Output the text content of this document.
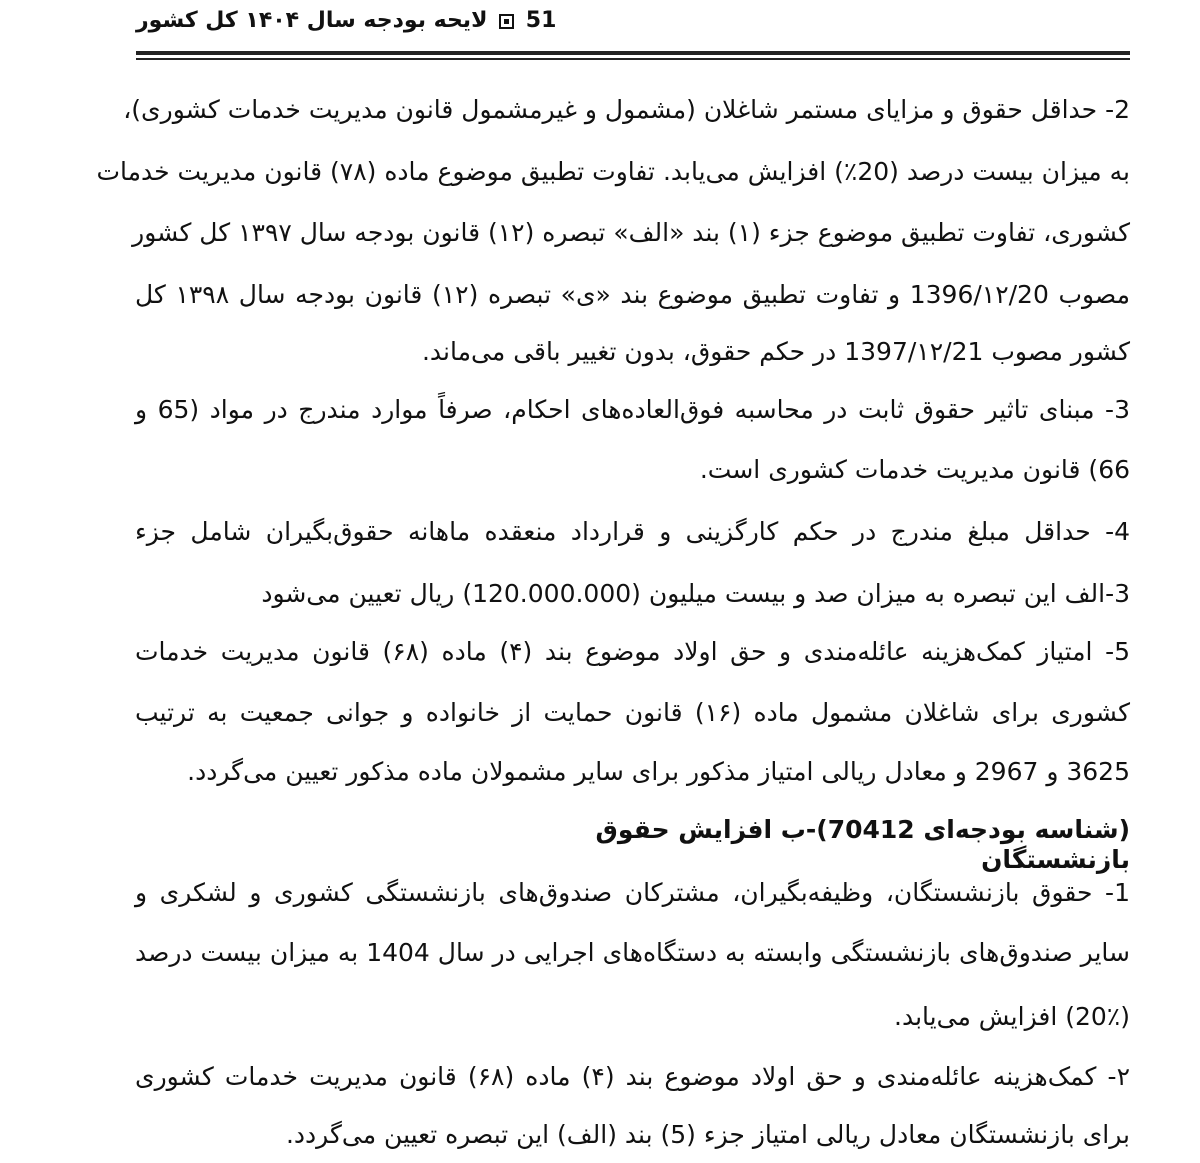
51  لایحه بودجه سال ۱۴۰۴ کل کشور
2- حداقل حقوق و مزایای مستمر شاغلان (مشمول و غیرمشمول قانون مدیریت خدمات کشوری)،
به میزان بیست درصد (20٪) افزایش می‌یابد. تفاوت تطبیق موضوع ماده (۷۸) قانون مدیریت خدمات
کشوری، تفاوت تطبیق موضوع جزء (۱) بند «الف» تبصره (۱۲) قانون بودجه سال ۱۳۹۷ کل کشور
مصوب 1396/۱۲/20 و تفاوت تطبیق موضوع بند «ی» تبصره (۱۲) قانون بودجه سال ۱۳۹۸ کل
کشور مصوب 1397/۱۲/21 در حکم حقوق، بدون تغییر باقی می‌ماند.
3- مبنای تاثیر حقوق ثابت در محاسبه فوق‌العاده‌های احکام، صرفاً موارد مندرج در مواد (65 و
66) قانون مدیریت خدمات کشوری است.
4- حداقل مبلغ مندرج در حکم کارگزینی و قرارداد منعقده ماهانه حقوق‌بگیران شامل جزء
3-الف این تبصره به میزان صد و بیست میلیون (120.000.000) ریال تعیین می‌شود
5- امتیاز کمک‌هزینه عائله‌مندی و حق اولاد موضوع بند (۴) ماده (۶۸) قانون مدیریت خدمات
کشوری برای شاغلان مشمول ماده (۱۶) قانون حمایت از خانواده و جوانی جمعیت به ترتیب
3625 و 2967 و معادل ریالی امتیاز مذکور برای سایر مشمولان ماده مذکور تعیین می‌گردد.
(شناسه بودجه‌ای 70412)-ب افزایش حقوق
بازنشستگان
1- حقوق بازنشستگان، وظیفه‌بگیران، مشترکان صندوق‌های بازنشستگی کشوری و لشکری و
سایر صندوق‌های بازنشستگی وابسته به دستگاه‌های اجرایی در سال 1404 به میزان بیست درصد
(20٪) افزایش می‌یابد.
۲- کمک‌هزینه عائله‌مندی و حق اولاد موضوع بند (۴) ماده (۶۸) قانون مدیریت خدمات کشوری
برای بازنشستگان معادل ریالی امتیاز جزء (5) بند (الف) این تبصره تعیین می‌گردد.
